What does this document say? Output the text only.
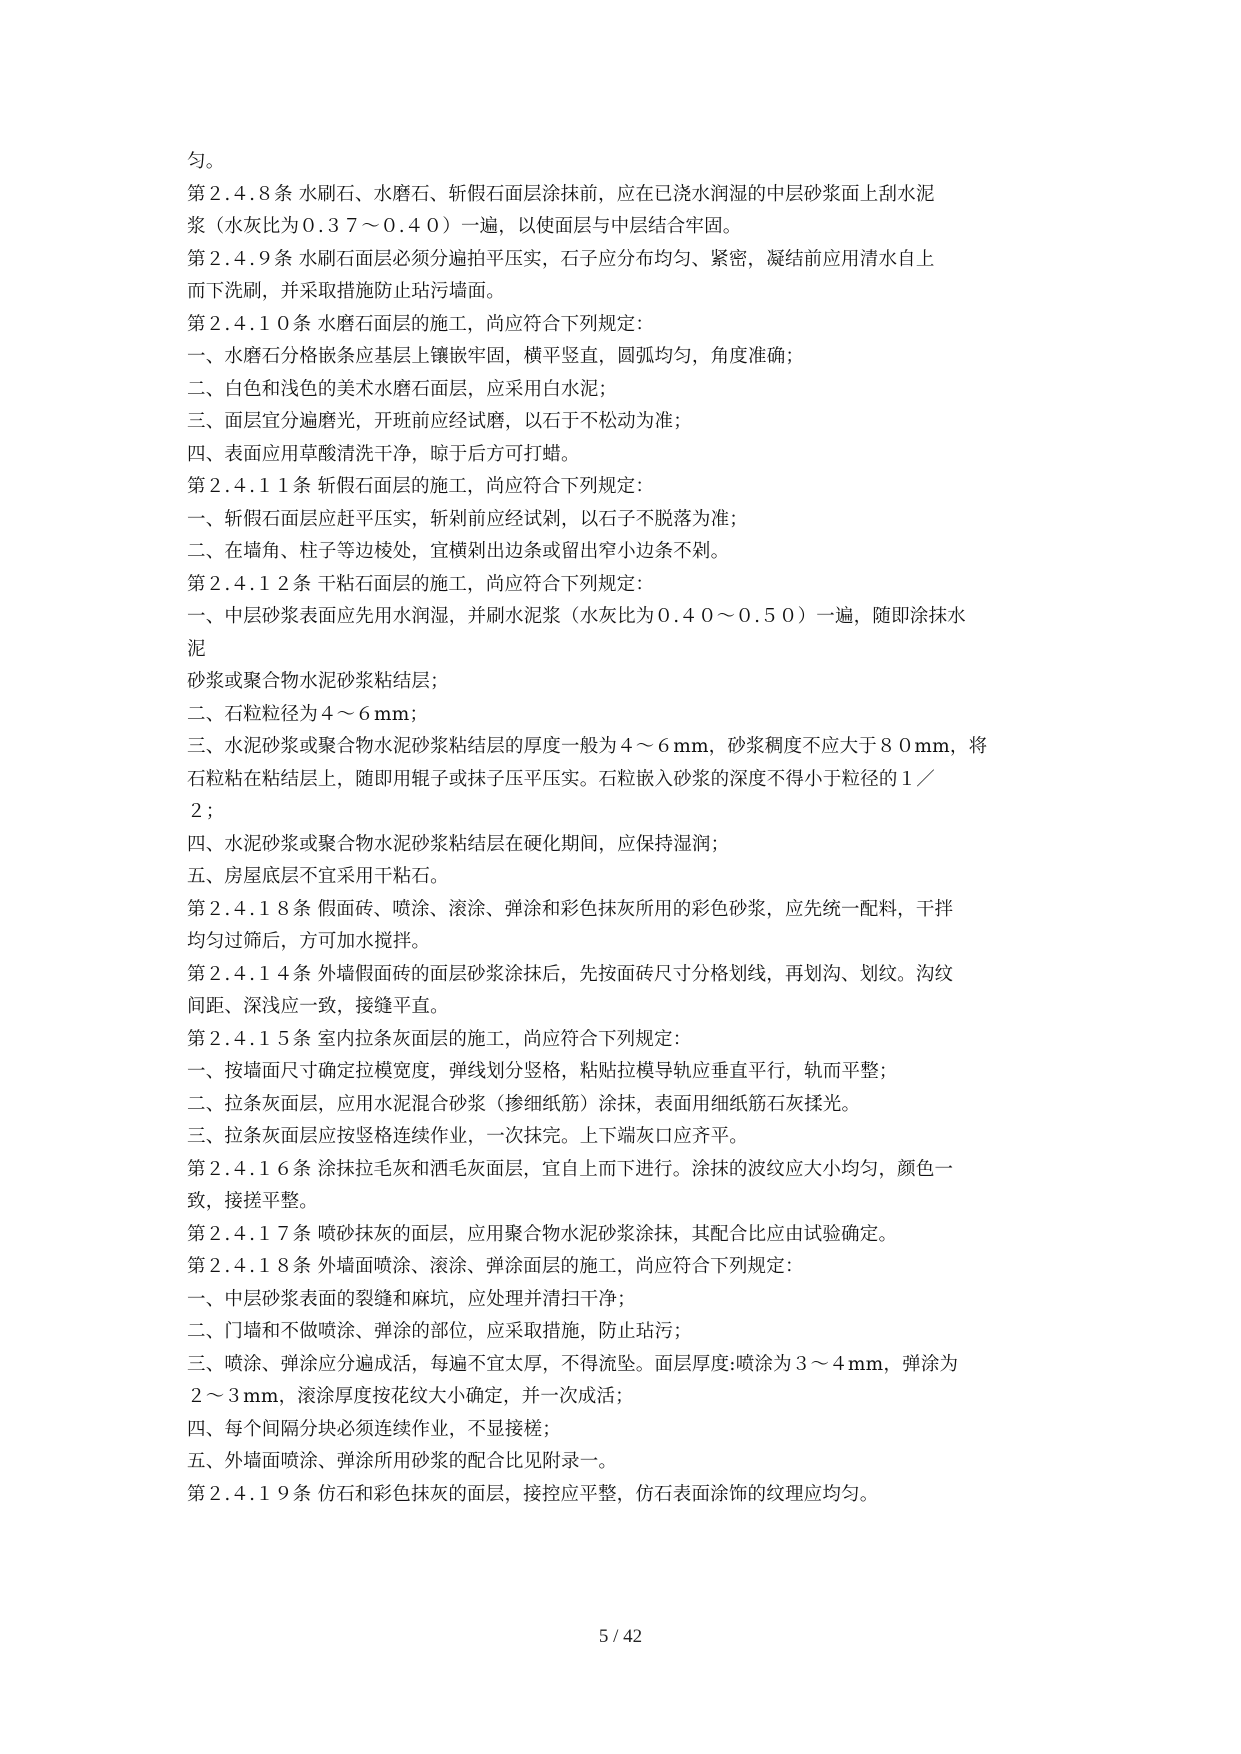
匀。
第２.４.８条 水刷石、水磨石、斩假石面层涂抹前，应在已浇水润湿的中层砂浆面上刮水泥
浆（水灰比为０.３７～０.４０）一遍，以使面层与中层结合牢固。
第２.４.９条 水刷石面层必须分遍拍平压实，石子应分布均匀、紧密，凝结前应用清水自上
而下洗刷，并采取措施防止玷污墙面。
第２.４.１０条 水磨石面层的施工，尚应符合下列规定：
一、水磨石分格嵌条应基层上镶嵌牢固，横平竖直，圆弧均匀，角度准确；
二、白色和浅色的美术水磨石面层，应采用白水泥；
三、面层宜分遍磨光，开班前应经试磨，以石于不松动为准；
四、表面应用草酸清洗干净，晾于后方可打蜡。
第２.４.１１条 斩假石面层的施工，尚应符合下列规定：
一、斩假石面层应赶平压实，斩剁前应经试剁，以石子不脱落为准；
二、在墙角、柱子等边棱处，宜横剁出边条或留出窄小边条不剁。
第２.４.１２条 干粘石面层的施工，尚应符合下列规定：
一、中层砂浆表面应先用水润湿，并刷水泥浆（水灰比为０.４０～０.５０）一遍，随即涂抹水
泥
砂浆或聚合物水泥砂浆粘结层；
二、石粒粒径为４～６mm；
三、水泥砂浆或聚合物水泥砂浆粘结层的厚度一般为４～６mm，砂浆稠度不应大于８０mm，将
石粒粘在粘结层上，随即用辊子或抹子压平压实。石粒嵌入砂浆的深度不得小于粒径的１／
２；
四、水泥砂浆或聚合物水泥砂浆粘结层在硬化期间，应保持湿润；
五、房屋底层不宜采用干粘石。
第２.４.１８条 假面砖、喷涂、滚涂、弹涂和彩色抹灰所用的彩色砂浆，应先统一配料，干拌
均匀过筛后，方可加水搅拌。
第２.４.１４条 外墙假面砖的面层砂浆涂抹后，先按面砖尺寸分格划线，再划沟、划纹。沟纹
间距、深浅应一致，接缝平直。
第２.４.１５条 室内拉条灰面层的施工，尚应符合下列规定：
一、按墙面尺寸确定拉模宽度，弹线划分竖格，粘贴拉模导轨应垂直平行，轨而平整；
二、拉条灰面层，应用水泥混合砂浆（掺细纸筋）涂抹，表面用细纸筋石灰揉光。
三、拉条灰面层应按竖格连续作业，一次抹完。上下端灰口应齐平。
第２.４.１６条 涂抹拉毛灰和洒毛灰面层，宜自上而下进行。涂抹的波纹应大小均匀，颜色一
致，接搓平整。
第２.４.１７条 喷砂抹灰的面层，应用聚合物水泥砂浆涂抹，其配合比应由试验确定。
第２.４.１８条 外墙面喷涂、滚涂、弹涂面层的施工，尚应符合下列规定：
一、中层砂浆表面的裂缝和麻坑，应处理并清扫干净；
二、门墙和不做喷涂、弹涂的部位，应采取措施，防止玷污；
三、喷涂、弹涂应分遍成活，每遍不宜太厚，不得流坠。面层厚度:喷涂为３～４mm，弹涂为
２～３mm，滚涂厚度按花纹大小确定，并一次成活；
四、每个间隔分块必须连续作业，不显接槎；
五、外墙面喷涂、弹涂所用砂浆的配合比见附录一。
第２.４.１９条 仿石和彩色抹灰的面层，接控应平整，仿石表面涂饰的纹理应均匀。
5 / 42
